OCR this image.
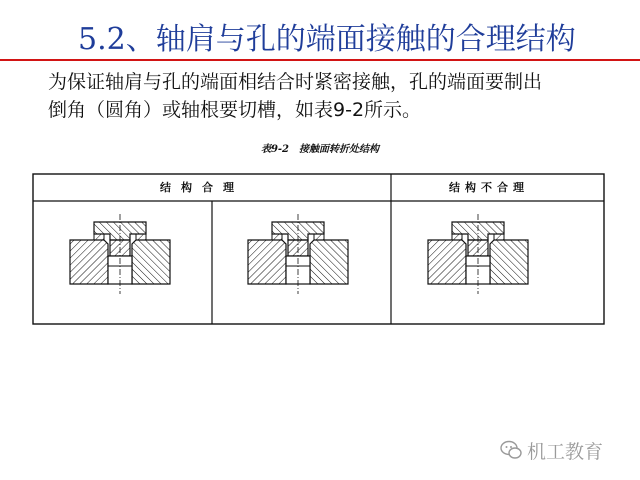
5.2、轴肩与孔的端面接触的合理结构
为保证轴肩与孔的端面相结合时紧密接触，孔的端面要制出
倒角（圆角）或轴根要切槽，如表9-2所示。
表9-2 接触面转折处结构
结构合理	结构不合理
机工教育
